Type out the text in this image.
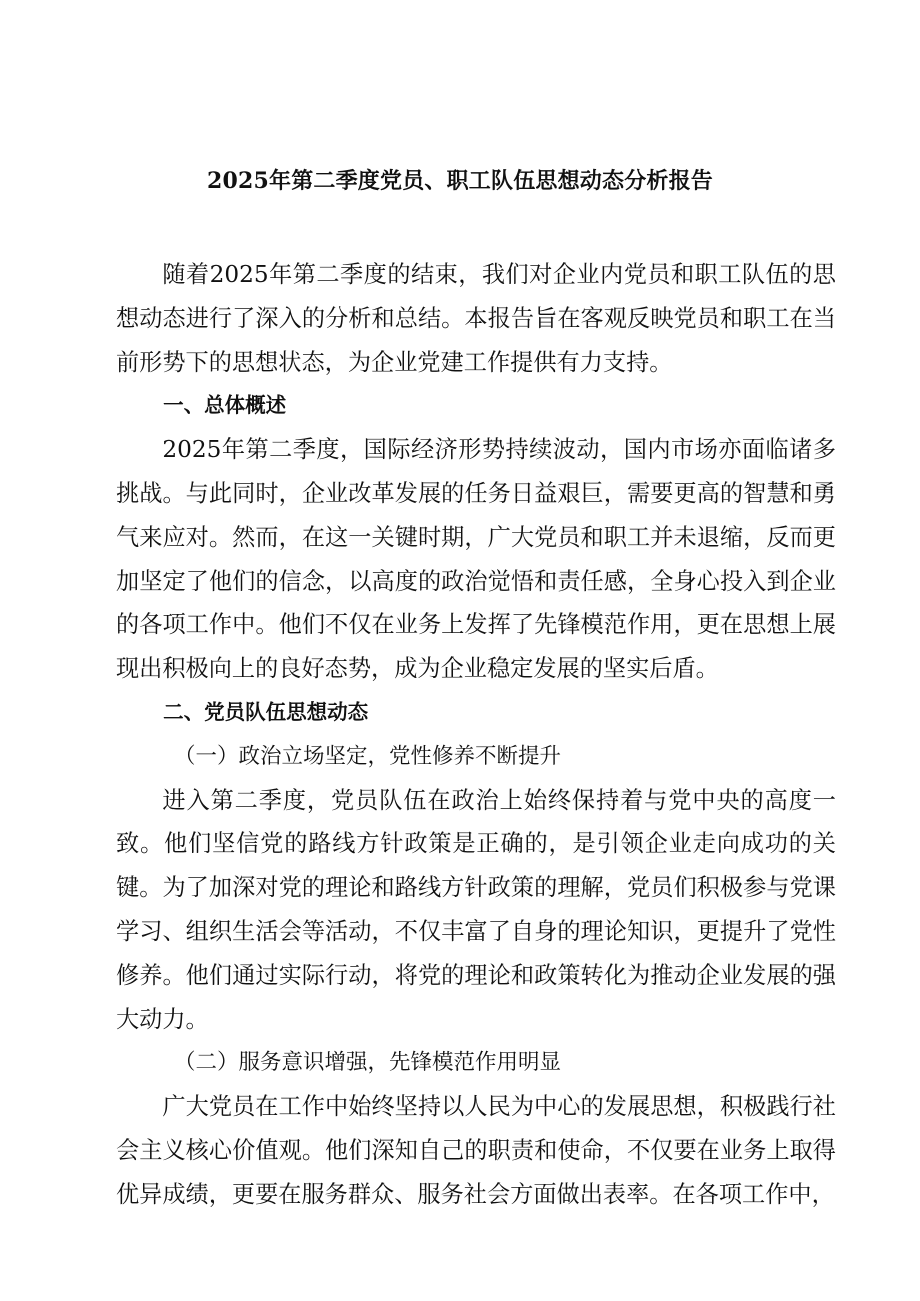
2025年第二季度党员、职工队伍思想动态分析报告

随着2025年第二季度的结束，我们对企业内党员和职工队伍的思想动态进行了深入的分析和总结。本报告旨在客观反映党员和职工在当前形势下的思想状态，为企业党建工作提供有力支持。

一、总体概述

2025年第二季度，国际经济形势持续波动，国内市场亦面临诸多挑战。与此同时，企业改革发展的任务日益艰巨，需要更高的智慧和勇气来应对。然而，在这一关键时期，广大党员和职工并未退缩，反而更加坚定了他们的信念，以高度的政治觉悟和责任感，全身心投入到企业的各项工作中。他们不仅在业务上发挥了先锋模范作用，更在思想上展现出积极向上的良好态势，成为企业稳定发展的坚实后盾。

二、党员队伍思想动态

（一）政治立场坚定，党性修养不断提升

进入第二季度，党员队伍在政治上始终保持着与党中央的高度一致。他们坚信党的路线方针政策是正确的，是引领企业走向成功的关键。为了加深对党的理论和路线方针政策的理解，党员们积极参与党课学习、组织生活会等活动，不仅丰富了自身的理论知识，更提升了党性修养。他们通过实际行动，将党的理论和政策转化为推动企业发展的强大动力。

（二）服务意识增强，先锋模范作用明显

广大党员在工作中始终坚持以人民为中心的发展思想，积极践行社会主义核心价值观。他们深知自己的职责和使命，不仅要在业务上取得优异成绩，更要在服务群众、服务社会方面做出表率。在各项工作中，
